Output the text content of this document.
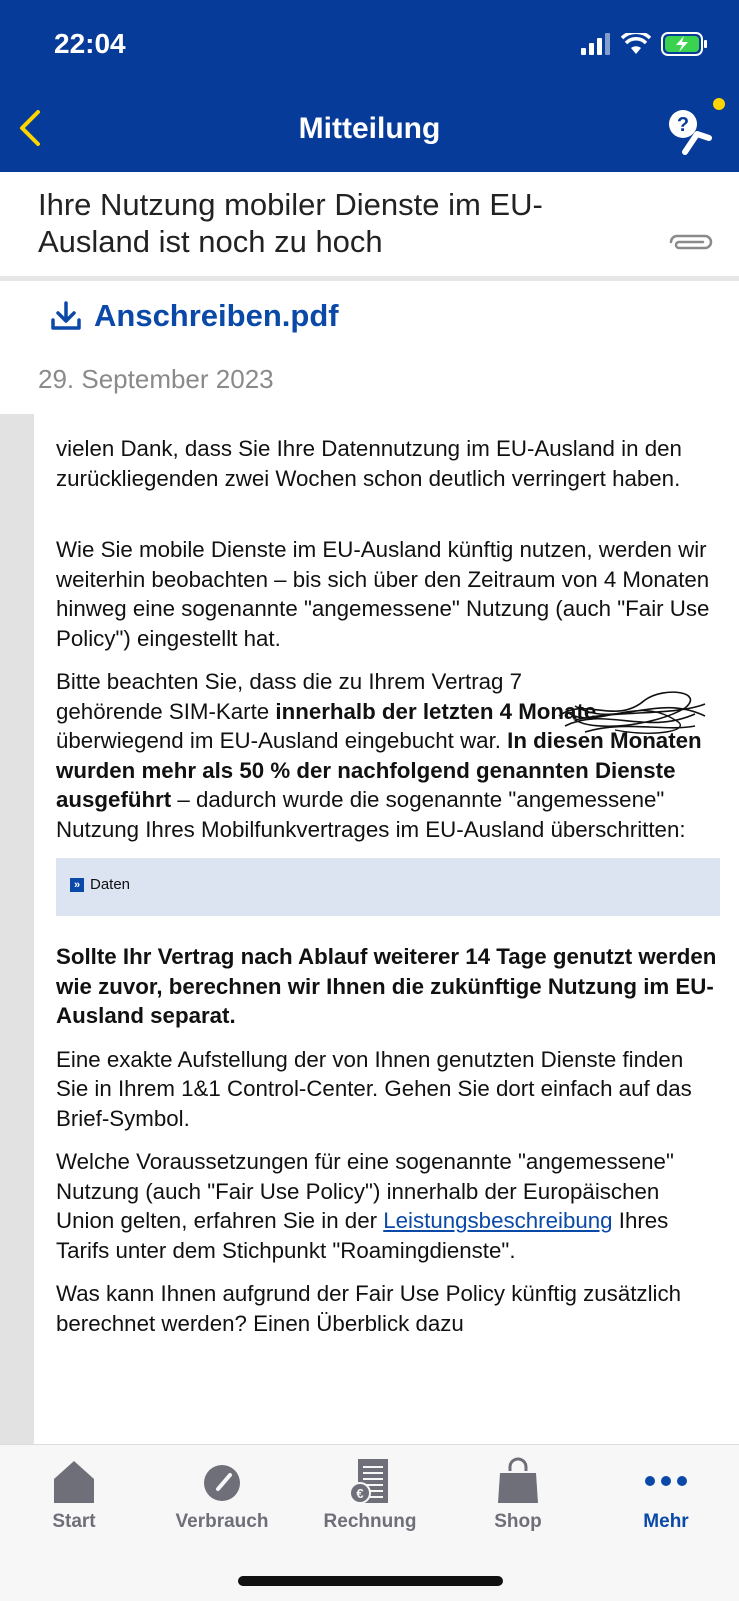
22:04
Mitteilung	?
Ihre Nutzung mobiler Dienste im EU-Ausland ist noch zu hoch
Anschreiben.pdf
29. September 2023

vielen Dank, dass Sie Ihre Datennutzung im EU-Ausland in den zurückliegenden zwei Wochen schon deutlich verringert haben.

Wie Sie mobile Dienste im EU-Ausland künftig nutzen, werden wir weiterhin beobachten – bis sich über den Zeitraum von 4 Monaten hinweg eine sogenannte "angemessene" Nutzung (auch "Fair Use Policy") eingestellt hat.

Bitte beachten Sie, dass die zu Ihrem Vertrag 7 gehörende SIM-Karte innerhalb der letzten 4 Monate überwiegend im EU-Ausland eingebucht war. In diesen Monaten wurden mehr als 50 % der nachfolgend genannten Dienste ausgeführt – dadurch wurde die sogenannte "angemessene" Nutzung Ihres Mobilfunkvertrages im EU-Ausland überschritten:

» Daten

Sollte Ihr Vertrag nach Ablauf weiterer 14 Tage genutzt werden wie zuvor, berechnen wir Ihnen die zukünftige Nutzung im EU-Ausland separat.

Eine exakte Aufstellung der von Ihnen genutzten Dienste finden Sie in Ihrem 1&1 Control-Center. Gehen Sie dort einfach auf das Brief-Symbol.

Welche Voraussetzungen für eine sogenannte "angemessene" Nutzung (auch "Fair Use Policy") innerhalb der Europäischen Union gelten, erfahren Sie in der Leistungsbeschreibung Ihres Tarifs unter dem Stichpunkt "Roamingdienste".

Was kann Ihnen aufgrund der Fair Use Policy künftig zusätzlich berechnet werden? Einen Überblick dazu

Start	Verbrauch
€
Rechnung	Shop	Mehr
